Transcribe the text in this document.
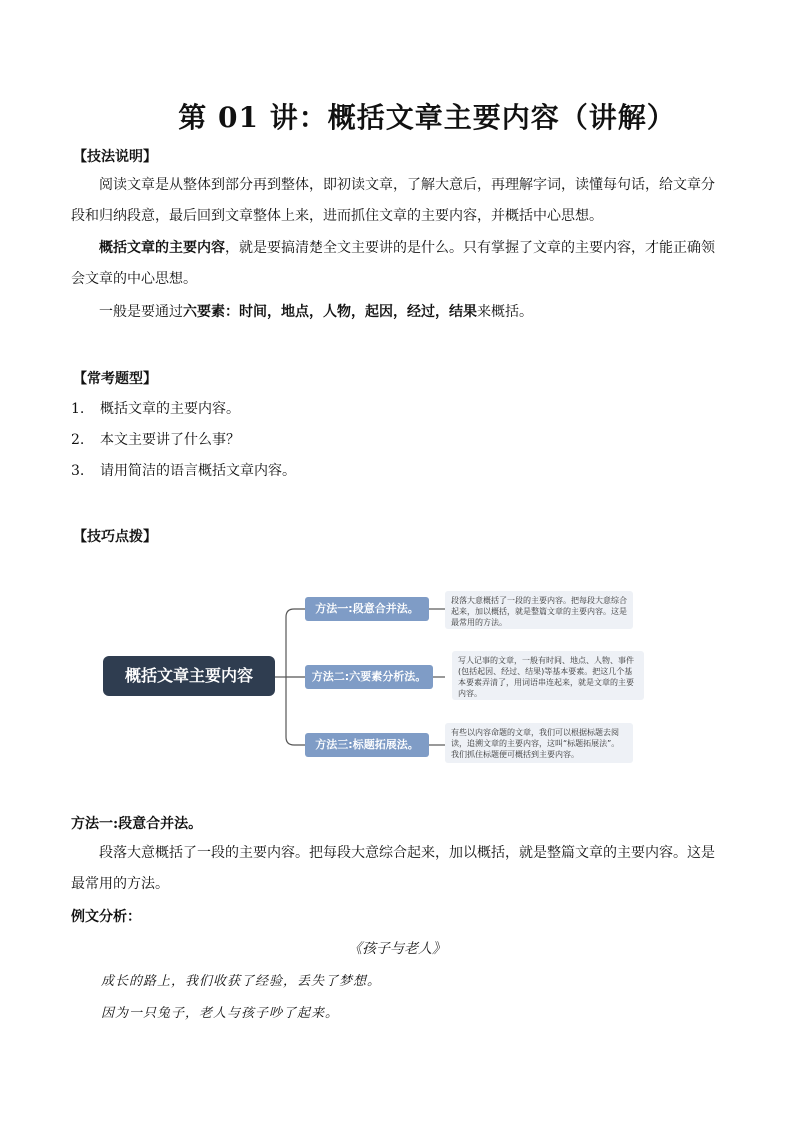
第 01 讲：概括文章主要内容（讲解）
【技法说明】
阅读文章是从整体到部分再到整体，即初读文章，了解大意后，再理解字词，读懂每句话，给文章分段和归纳段意，最后回到文章整体上来，进而抓住文章的主要内容，并概括中心思想。
概括文章的主要内容，就是要搞清楚全文主要讲的是什么。只有掌握了文章的主要内容，才能正确领会文章的中心思想。
一般是要通过六要素：时间，地点，人物，起因，经过，结果来概括。
【常考题型】
1. 概括文章的主要内容。
2. 本文主要讲了什么事？
3. 请用简洁的语言概括文章内容。
【技巧点拨】
概括文章主要内容
方法一:段意合并法。
段落大意概括了一段的主要内容。把每段大意综合起来，加以概括，就是整篇文章的主要内容。这是最常用的方法。
方法二:六要素分析法。
写人记事的文章，一般有时间、地点、人物、事件(包括起因、经过、结果)等基本要素。把这几个基本要素弄清了，用词语串连起来，就是文章的主要内容。
方法三:标题拓展法。
有些以内容命题的文章，我们可以根据标题去阅读，追溯文章的主要内容，这叫“标题拓展法”。我们抓住标题便可概括到主要内容。
方法一:段意合并法。
段落大意概括了一段的主要内容。把每段大意综合起来，加以概括，就是整篇文章的主要内容。这是最常用的方法。
例文分析：
《孩子与老人》
成长的路上，我们收获了经验，丢失了梦想。
因为一只兔子，老人与孩子吵了起来。
